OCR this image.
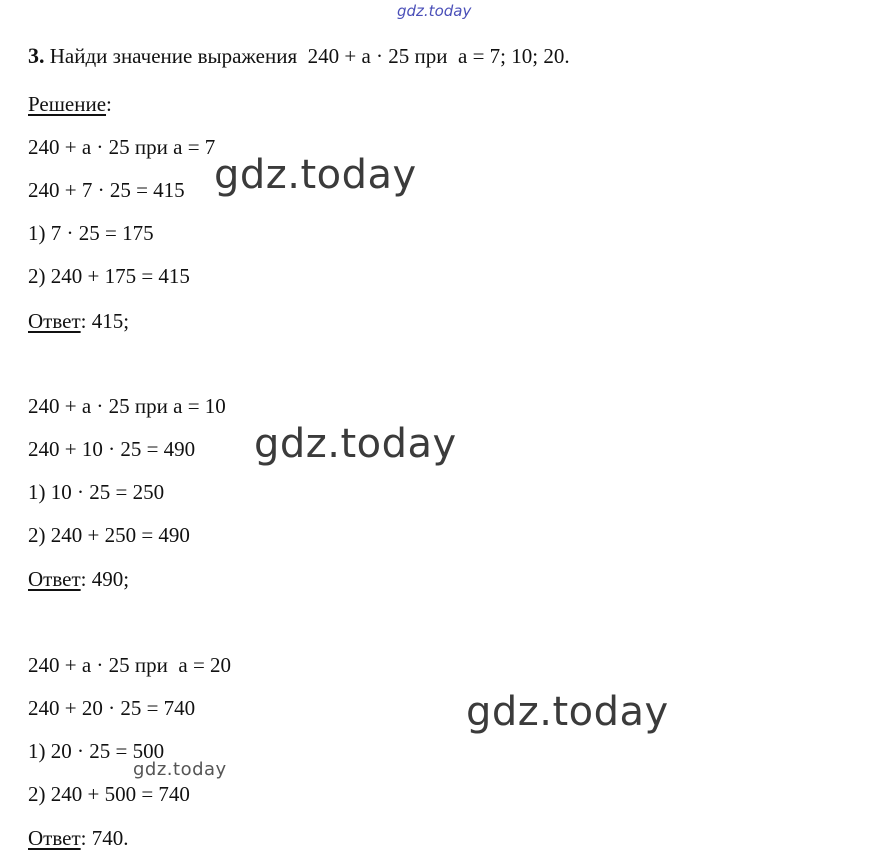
gdz.today
3. Найди значение выражения  240 + а · 25 при  а = 7; 10; 20.
Решение:
240 + а · 25 при а = 7
240 + 7 · 25 = 415
1) 7 · 25 = 175
2) 240 + 175 = 415
Ответ: 415;
240 + а · 25 при а = 10
240 + 10 · 25 = 490
1) 10 · 25 = 250
2) 240 + 250 = 490
Ответ: 490;
240 + а · 25 при  а = 20
240 + 20 · 25 = 740
1) 20 · 25 = 500
2) 240 + 500 = 740
Ответ: 740.
gdz.today
gdz.today
gdz.today
gdz.today
